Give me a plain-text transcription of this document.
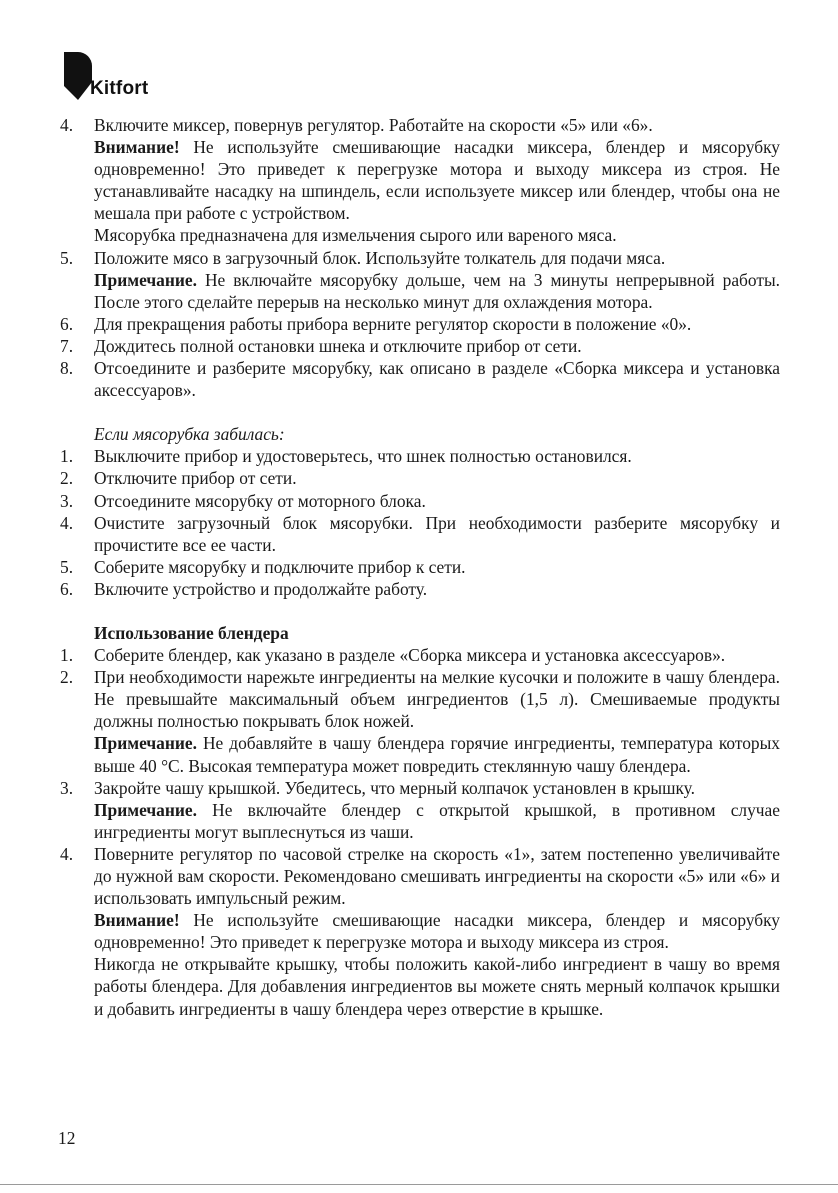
Kitfort
4.	Включите миксер, повернув регулятор. Работайте на скорости «5» или «6».

Внимание! Не используйте смешивающие насадки миксера, блендер и мясорубку одновременно! Это приведет к перегрузке мотора и выходу миксера из строя. Не устанавливайте насадку на шпиндель, если используете миксер или блендер, чтобы она не мешала при работе с устройством.

Мясорубка предназначена для измельчения сырого или вареного мяса.

5.	Положите мясо в загрузочный блок. Используйте толкатель для подачи мяса.

Примечание. Не включайте мясорубку дольше, чем на 3 минуты непрерывной работы. После этого сделайте перерыв на несколько минут для охлаждения мотора.

6.	Для прекращения работы прибора верните регулятор скорости в положение «0».

7.	Дождитесь полной остановки шнека и отключите прибор от сети.

8.	Отсоедините и разберите мясорубку, как описано в разделе «Сборка миксера и установка аксессуаров».

Если мясорубка забилась:
1.	Выключите прибор и удостоверьтесь, что шнек полностью остановился.

2.	Отключите прибор от сети.

3.	Отсоедините мясорубку от моторного блока.

4.	Очистите загрузочный блок мясорубки. При необходимости разберите мясорубку и прочистите все ее части.

5.	Соберите мясорубку и подключите прибор к сети.

6.	Включите устройство и продолжайте работу.

Использование блендера
1.	Соберите блендер, как указано в разделе «Сборка миксера и установка аксессуаров».

2.	При необходимости нарежьте ингредиенты на мелкие кусочки и положите в чашу блендера. Не превышайте максимальный объем ингредиентов (1,5 л). Смешиваемые продукты должны полностью покрывать блок ножей.

Примечание. Не добавляйте в чашу блендера горячие ингредиенты, температура которых выше 40 °С. Высокая температура может повредить стеклянную чашу блендера.

3.	Закройте чашу крышкой. Убедитесь, что мерный колпачок установлен в крышку.

Примечание. Не включайте блендер с открытой крышкой, в противном случае ингредиенты могут выплеснуться из чаши.

4.	Поверните регулятор по часовой стрелке на скорость «1», затем постепенно увеличивайте до нужной вам скорости. Рекомендовано смешивать ингредиенты на скорости «5» или «6» и использовать импульсный режим.

Внимание! Не используйте смешивающие насадки миксера, блендер и мясорубку одновременно! Это приведет к перегрузке мотора и выходу миксера из строя.

Никогда не открывайте крышку, чтобы положить какой-либо ингредиент в чашу во время работы блендера. Для добавления ингредиентов вы можете снять мерный колпачок крышки и добавить ингредиенты в чашу блендера через отверстие в крышке.

12
